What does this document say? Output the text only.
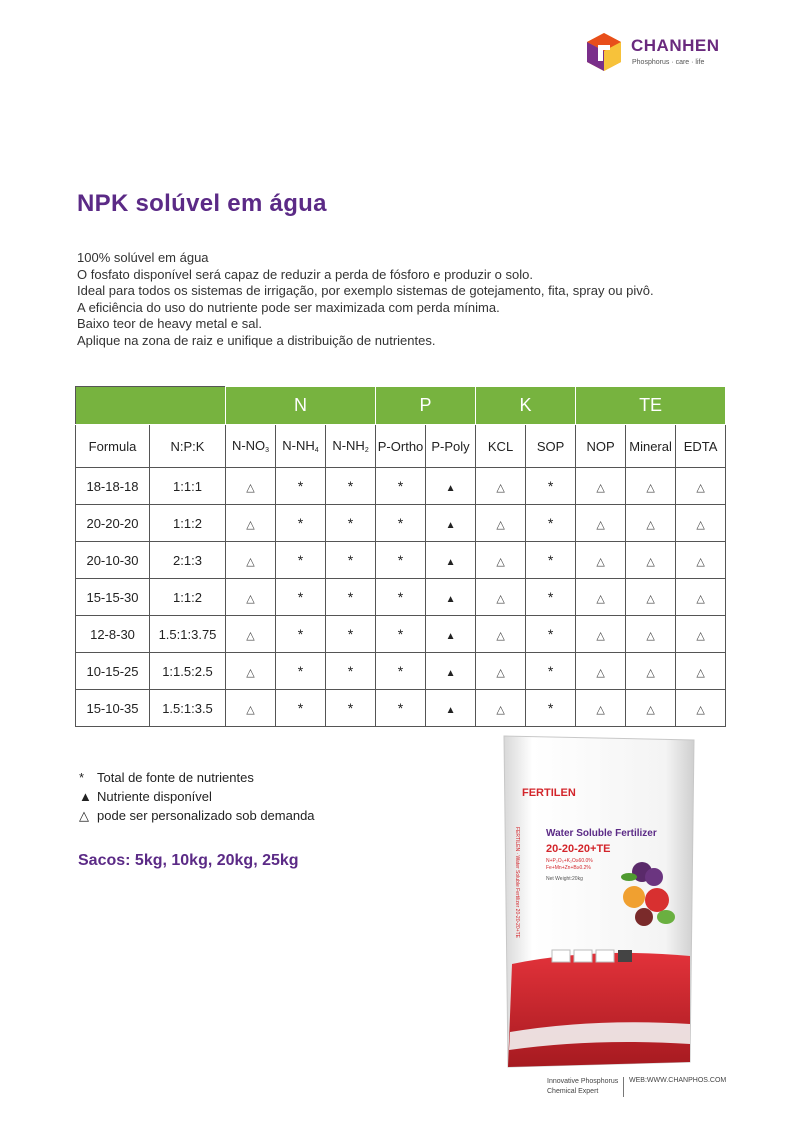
CHANHEN
Phosphorus · care · life
NPK solúvel em água
100% solúvel em água
O fosfato disponível será capaz de reduzir a perda de fósforo e produzir o solo.
Ideal para todos os sistemas de irrigação, por exemplo sistemas de gotejamento, fita, spray ou pivô.
A eficiência do uso do nutriente pode ser maximizada com perda mínima.
Baixo teor de heavy metal e sal.
Aplique na zona de raiz e unifique a distribuição de nutrientes.
		N			P		K		TE		
Formula	N:P:K	$N-NO_3$	$N-NH_4$	$N-NH_2$	P-Ortho	P-Poly	KCL	SOP	NOP	Mineral	EDTA
18-18-18	1:1:1	△	*	*	*	▲	△	*	△	△	△
20-20-20	1:1:2	△	*	*	*	▲	△	*	△	△	△
20-10-30	2:1:3	△	*	*	*	▲	△	*	△	△	△
15-15-30	1:1:2	△	*	*	*	▲	△	*	△	△	△
12-8-30	1.5:1:3.75	△	*	*	*	▲	△	*	△	△	△
10-15-25	1:1.5:2.5	△	*	*	*	▲	△	*	△	△	△
15-10-35	1.5:1:3.5	△	*	*	*	▲	△	*	△	△	△
* Total de fonte de nutrientes
▲ Nutriente disponível
△ pode ser personalizado sob demanda
Sacos: 5kg, 10kg, 20kg, 25kg
FERTILEN
Water Soluble Fertilizer
20-20-20+TE
N+P₂O₅+K₂O≥60.0%
Fe+Mn+Zn+B≥0.2%
Net Weight:20kg
FERTILEN · Water Soluble Fertilizer 20-20-20+TE
Innovative Phosphorus
Chemical Expert
WEB:WWW.CHANPHOS.COM
